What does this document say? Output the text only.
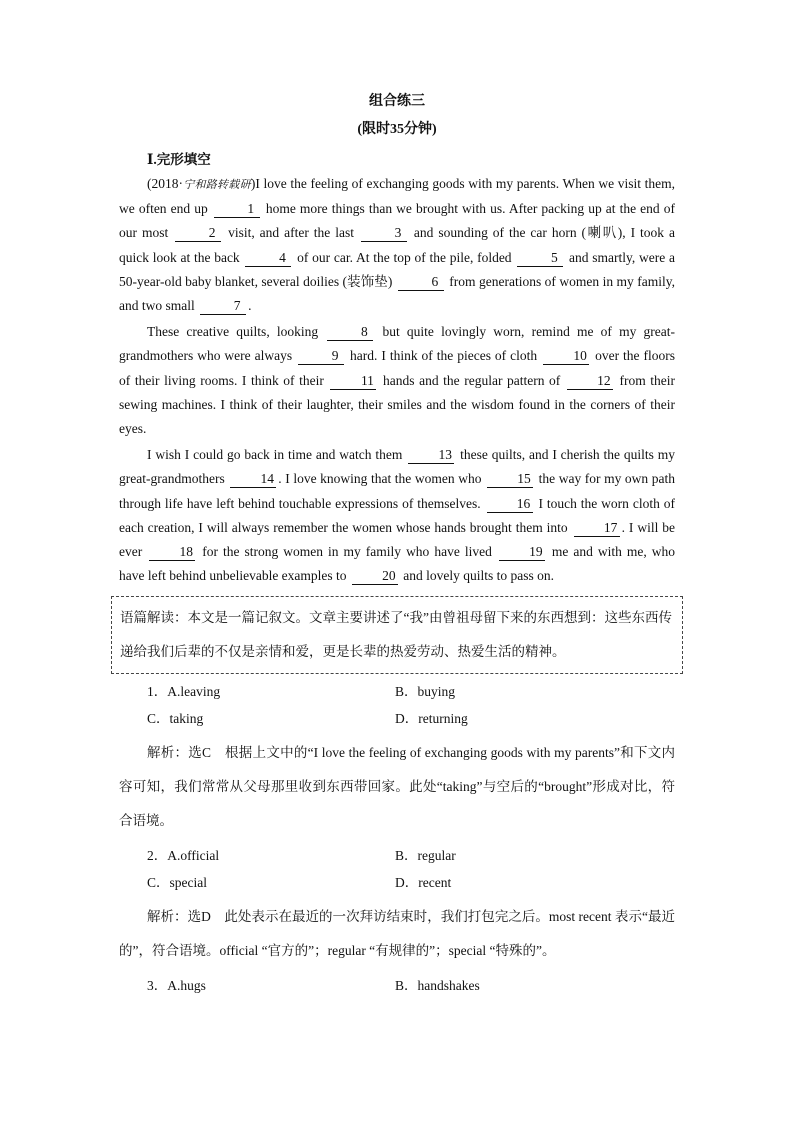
组合练三

(限时35分钟)

Ⅰ.完形填空

(2018·宁和路转载研)I love the feeling of exchanging goods with my parents. When we visit them, we often end up	1 home more things than we brought with us. After packing up at the end of our most	2 visit, and after the last	3 and sounding of the car horn (喇叭), I took a quick look at the back	4 of our car. At the top of the pile, folded	5 and smartly, were a 50-year-old baby blanket, several doilies (装饰垫)	6 from generations of women in my family, and two small	7 .

These creative quilts, looking	8 but quite lovingly worn, remind me of my great-grandmothers who were always	9 hard. I think of the pieces of cloth 10 over the floors of their living rooms. I think of their 11 hands and the regular pattern of 12 from their sewing machines. I think of their laughter, their smiles and the wisdom found in the corners of their eyes.

I wish I could go back in time and watch them 13 these quilts, and I cherish the quilts my great-grandmothers 14 . I love knowing that the women who 15 the way for my own path through life have left behind touchable expressions of themselves. 16 I touch the worn cloth of each creation, I will always remember the women whose hands brought them into 17 . I will be ever 18 for the strong women in my family who have lived 19 me and with me, who have left behind unbelievable examples to 20 and lovely quilts to pass on.

语篇解读：本文是一篇记叙文。文章主要讲述了“我”由曾祖母留下来的东西想到：这些东西传递给我们后辈的不仅是亲情和爱，更是长辈的热爱劳动、热爱生活的精神。
1．A.leaving	B．buying
C．taking	D．returning

解析：选C　根据上文中的“I love the feeling of exchanging goods with my parents”和下文内容可知，我们常常从父母那里收到东西带回家。此处“taking”与空后的“brought”形成对比，符合语境。

2．A.official	B．regular
C．special	D．recent

解析：选D　此处表示在最近的一次拜访结束时，我们打包完之后。most recent 表示“最近的”，符合语境。official “官方的”；regular “有规律的”；special “特殊的”。

3．A.hugs	B．handshakes
